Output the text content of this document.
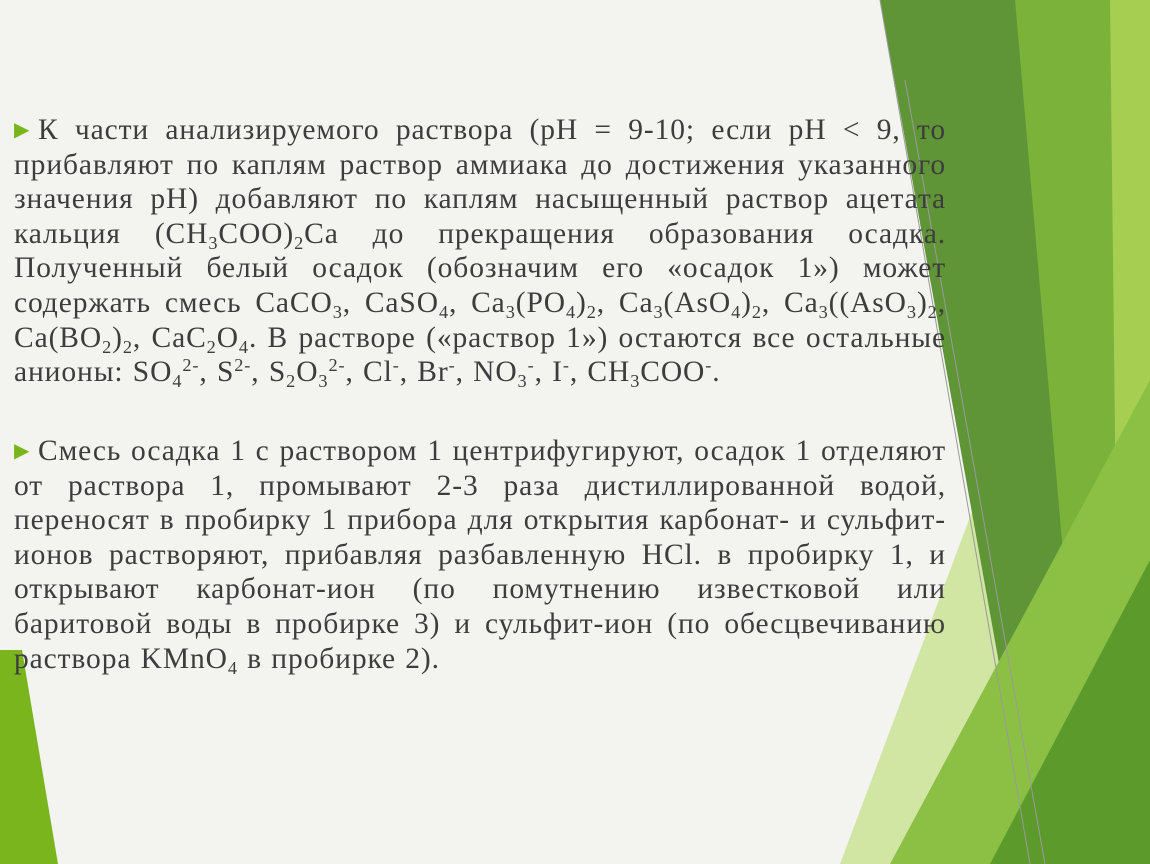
▶ К части анализируемого раствора (рН = 9-10; если рН < 9, то прибавляют по каплям раствор аммиака до достижения указанного значения рН) добавляют по каплям насыщенный раствор ацетата кальция $(CH_3COO)_2Ca$ до прекращения образования осадка. Полученный белый осадок (обозначим его «осадок 1») может содержать смесь CaCO$_3$, CaSO$_4$, $Ca_3(PO_4)_2$, $Ca_3(AsO_4)_2$, $Ca_3((AsO_3)_2$, $Ca(BO_2)_2$, $CaC_2O_4$. В растворе («раствор 1») остаются все остальные анионы: $SO_4^{2-}$, $S^{2-}$, $S_2O_3^{2-}$, Cl-, Br-, $NO_3^-$, I-, $CH_3COO^-$.
▶ Смесь осадка 1 с раствором 1 центрифугируют, осадок 1 отделяют от раствора 1, промывают 2-3 раза дистиллированной водой, переносят в пробирку 1 прибора для открытия карбонат- и сульфит-ионов растворяют, прибавляя разбавленную HCl. в пробирку 1, и открывают карбонат-ион (по помутнению известковой или баритовой воды в пробирке 3) и сульфит-ион (по обесцвечиванию раствора KMnO$_4$ в пробирке 2).
